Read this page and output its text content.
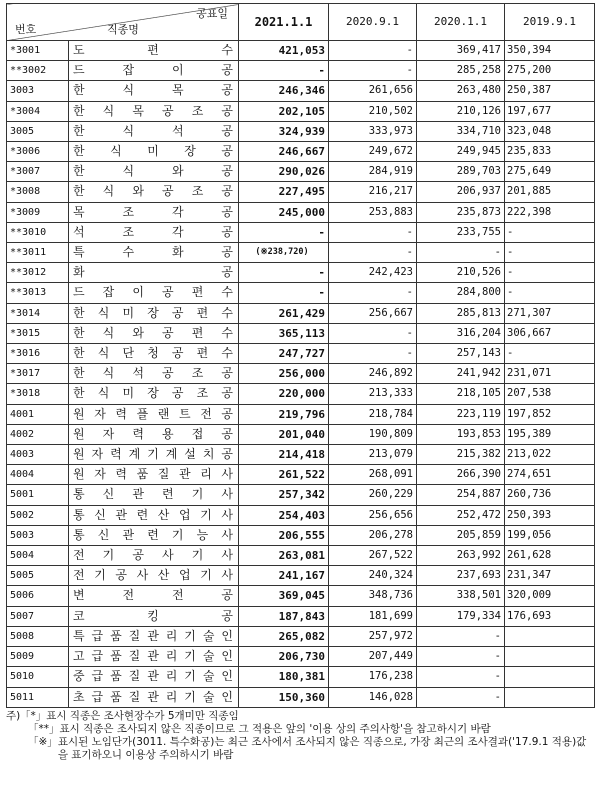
공표일
번호 직종명		2021.1.1	2020.9.1	2020.1.1	2019.9.1
*3001	도 편 수	421,053	-	369,417	350,394
**3002	드 잡 이 공	-	-	285,258	275,200
3003	한 식 목 공	246,346	261,656	263,480	250,387
*3004	한 식 목 공 조 공	202,105	210,502	210,126	197,677
3005	한 식 석 공	324,939	333,973	334,710	323,048
*3006	한 식 미 장 공	246,667	249,672	249,945	235,833
*3007	한 식 와 공	290,026	284,919	289,703	275,649
*3008	한 식 와 공 조 공	227,495	216,217	206,937	201,885
*3009	목 조 각 공	245,000	253,883	235,873	222,398
**3010	석 조 각 공	-	-	233,755	-
**3011	특 수 화 공	(※238,720)	-	-	-
**3012	화 공	-	242,423	210,526	-
**3013	드 잡 이 공 편 수	-	-	284,800	-
*3014	한 식 미 장 공 편 수	261,429	256,667	285,813	271,307
*3015	한 식 와 공 편 수	365,113	-	316,204	306,667
*3016	한 식 단 청 공 편 수	247,727	-	257,143	-
*3017	한 식 석 공 조 공	256,000	246,892	241,942	231,071
*3018	한 식 미 장 공 조 공	220,000	213,333	218,105	207,538
4001	원 자 력 플 랜 트 전 공	219,796	218,784	223,119	197,852
4002	원 자 력 용 접 공	201,040	190,809	193,853	195,389
4003	원 자 력 계 기 계 설 치 공	214,418	213,079	215,382	213,022
4004	원 자 력 품 질 관 리 사	261,522	268,091	266,390	274,651
5001	통 신 관 련 기 사	257,342	260,229	254,887	260,736
5002	통 신 관 련 산 업 기 사	254,403	256,656	252,472	250,393
5003	통 신 관 련 기 능 사	206,555	206,278	205,859	199,056
5004	전 기 공 사 기 사	263,081	267,522	263,992	261,628
5005	전 기 공 사 산 업 기 사	241,167	240,324	237,693	231,347
5006	변 전 전 공	369,045	348,736	338,501	320,009
5007	코 킹 공	187,843	181,699	179,334	176,693
5008	특 급 품 질 관 리 기 술 인	265,082	257,972	-	
5009	고 급 품 질 관 리 기 술 인	206,730	207,449	-	
5010	중 급 품 질 관 리 기 술 인	180,381	176,238	-	
5011	초 급 품 질 관 리 기 술 인	150,360	146,028	-	
주) 「*」 표시 직종은 조사현장수가 5개미만 직종임
「**」 표시 직종은 조사되지 않은 직종이므로 그 적용은 앞의 '이용 상의 주의사항'을 참고하시기 바람
「※」 표시된 노임단가(3011. 특수화공)는 최근 조사에서 조사되지 않은 직종으로, 가장 최근의 조사결과('17.9.1 적용)값을 표기하오니 이용상 주의하시기 바람
